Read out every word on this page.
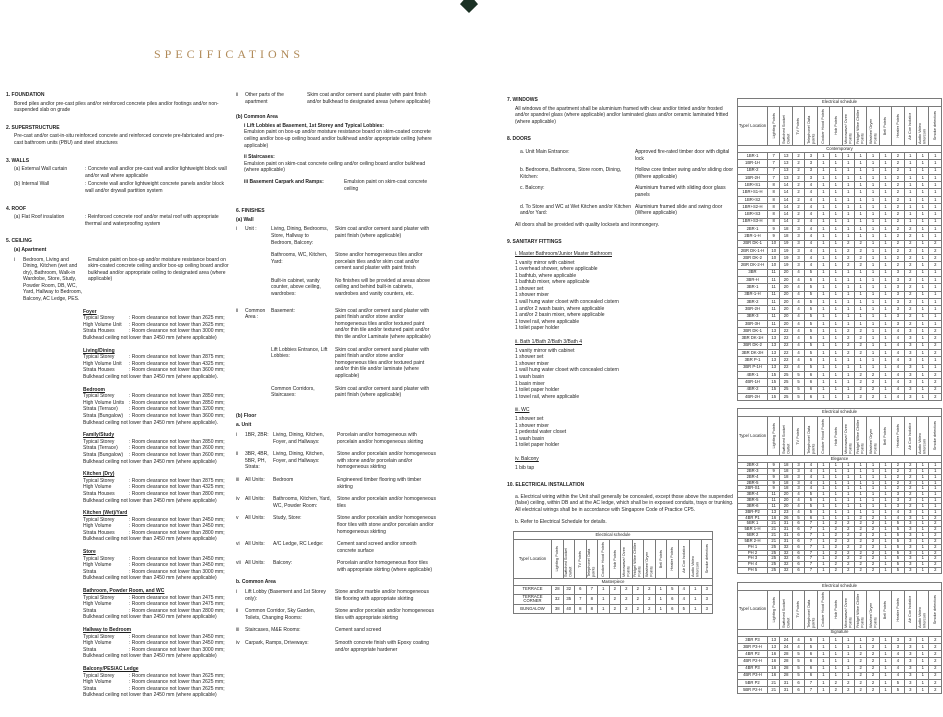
SPECIFICATIONS
1. FOUNDATION
Bored piles and/or pre-cast piles and/or reinforced concrete piles and/or footings and/or non-suspended slab on grade
2. SUPERSTRUCTURE
Pre-cast and/or cast-in-situ reinforced concrete and reinforced concrete pre-fabricated and pre-cast bathroom units (PBU) and steel structures
3. WALLS
(a) External Wall curtain	: Concrete wall and/or pre-cast wall and/or lightweight block wall and/or wall where applicable
(b) Internal Wall	: Concrete wall and/or lightweight concrete panels and/or block wall and/or drywall partition system
4. ROOF
(a) Flat Roof insulation	: Reinforced concrete roof and/or metal roof with appropriate thermal and waterproofing system
5. CEILING
(a) Apartment
i	Bedroom, Living and Dining, Kitchen (wet and dry), Bathroom, Walk-in Wardrobe, Store, Study, Powder Room, DB, WC, Yard, Hallway to Bedroom, Balcony, AC Ledge, PES.
Emulsion paint on box-up and/or moisture resistance board on skim-coated concrete ceiling and/or box-up ceiling board and/or bulkhead and/or appropriate ceiling to designated area (where applicable)
Foyer
Typical Storey	: Room clearance not lower than 2625 mm;
High Volume Unit	: Room clearance not lower than 2625 mm;
Strata Houses	: Room clearance not lower than 3000 mm;
Bulkhead ceiling not lower than 2450 mm (where applicable)
Living/Dining
Typical Storey	: Room clearance not lower than 2875 mm;
High Volume Unit	: Room clearance not lower than 4325 mm;
Strata Houses	: Room clearance not lower than 3600 mm;
Bulkhead ceiling not lower than 2450 mm (where applicable).
Bedroom
Typical Storey	: Room clearance not lower than 2850 mm;
High Volume Units : Room clearance not lower than 2850 mm;
Strata (Terrace)	: Room clearance not lower than 3200 mm;
Strata (Bungalow)	: Room clearance not lower than 3600 mm;
Bulkhead ceiling not lower than 2450 mm (where applicable).
Family/Study
Typical Storey	: Room clearance not lower than 2850 mm;
Strata (Terrace)	: Room clearance not lower than 2600 mm;
Strata (Bungalow)	: Room clearance not lower than 2600 mm;
Bulkhead ceiling not lower than 2450 mm (where applicable)
Kitchen (Dry)
Typical Storey	: Room clearance not lower than 2875 mm;
High Volume	: Room clearance not lower than 4325 mm;
Strata Houses	: Room clearance not lower than 2800 mm;
Bulkhead ceiling not lower than 2450 mm (where applicable)
Kitchen (Wet)/Yard
Typical Storey	: Room clearance not lower than 2450 mm;
High Volume	: Room clearance not lower than 2450 mm;
Strata Houses	: Room clearance not lower than 2800 mm;
Bulkhead ceiling not lower than 2450 mm (where applicable)
Store
Typical Storey	: Room clearance not lower than 2450 mm;
High Volume	: Room clearance not lower than 2450 mm;
Strata	: Room clearance not lower than 3000 mm;
Bulkhead ceiling not lower than 2450 mm (where applicable)
Bathroom, Powder Room, and WC
Typical Storey	: Room clearance not lower than 2475 mm;
High Volume	: Room clearance not lower than 2475 mm;
Strata	: Room clearance not lower than 2800 mm;
Bulkhead ceiling not lower than 2450 mm (where applicable)
Hallway to Bedroom
Typical Storey	: Room clearance not lower than 2450 mm;
High Volume	: Room clearance not lower than 2450 mm;
Strata	: Room clearance not lower than 3000 mm;
Bulkhead ceiling not lower than 2450 mm (where applicable)
Balcony/PES/AC Ledge
Typical Storey	: Room clearance not lower than 2625 mm;
High Volume	: Room clearance not lower than 2625 mm;
Strata	: Room clearance not lower than 2625 mm;
Bulkhead ceiling not lower than 2450 mm (where applicable)
ii	Other parts of the apartment
Skim coat and/or cement sand plaster with paint finish and/or bulkhead to designated areas (where applicable)
(b) Common Area
i Lift Lobbies at Basement, 1st Storey and Typical Lobbies:
Emulsion paint on box-up and/or moisture resistance board on skim-coated concrete ceiling and/or box-up ceiling board and/or bulkhead and/or appropriate ceiling (where applicable)
ii Staircases:
Emulsion paint on skim-coat concrete ceiling and/or ceiling board and/or bulkhead (where applicable)
iii Basement Carpark and Ramps:	Emulsion paint on skim-coat concrete ceiling
6. FINISHES
(a) Wall
i	Unit :	Living, Dining, Bedrooms, Store, Hallway to Bedroom, Balcony:
Skim coat and/or cement sand plaster with paint finish (where applicable)
Bathrooms, WC, Kitchen, Yard:
Stone and/or homogeneous tiles and/or porcelain tiles and/or skim coat and/or cement sand plaster with paint finish
Built-in cabinet, vanity counter, above ceiling, wardrobes:
No finishes will be provided at areas above ceiling and behind built-in cabinets, wardrobes and vanity counters, etc.
ii	Common Area :
Basement:	Skim coat and/or cement sand plaster with paint finish and/or stone and/or homogeneous tiles and/or textured paint and/or thin tile and/or textured paint and/or thin tile and/or Laminate (where applicable)
Lift Lobbies Entrance, Lift Lobbies:
Skim coat and/or cement sand plaster with paint finish and/or stone and/or homogeneous tiles and/or textured paint and/or thin tile and/or laminate (where applicable)
Common Corridors, Staircases:
Skim coat and/or cement sand plaster with paint finish (where applicable)
(b) Floor
a. Unit
i	1BR, 2BR: Living, Dining, Kitchen, Foyer, and Hallways:
Porcelain and/or homogeneous with porcelain and/or homogeneous skirting
ii	3BR, 4BR, 5BR, PH, Strata:
Living, Dining, Kitchen, Foyer, and Hallways:
Stone and/or porcelain and/or homogeneous with stone and/or porcelain and/or homogeneous skirting
iii	All Units:	Bedroom	Engineered timber flooring with timber skirting
iv	All Units:	Bathrooms, Kitchen, Yard, WC, Powder Room:
Stone and/or porcelain and/or homogeneous tiles
v	All Units:	Study, Store:	Stone and/or porcelain and/or homogeneous floor tiles with stone and/or porcelain and/or homogeneous skirting
vi	All Units:	A/C Ledge, RC Ledge:	Cement sand screed and/or smooth concrete surface
vii All Units:	Balcony:	Porcelain and/or homogeneous floor tiles with appropriate skirting (where applicable)
b. Common Area
i	Lift Lobby (Basement and 1st Storey only):
Stone and/or marble and/or homogeneous tile flooring with appropriate skirting
ii	Common Corridor, Sky Garden, Toilets, Changing Rooms:
Stone and/or porcelain and/or homogeneous tiles with appropriate skirting
iii	Staircases, M&E Rooms:	Cement sand screed
iv	Carpark, Ramps, Driveways:	Smooth concrete finish with Epoxy coating and/or appropriate hardener
7. WINDOWS
All windows of the apartment shall be aluminium framed with clear and/or tinted and/or frosted and/or spandrel glass (where applicable) and/or laminated glass and/or ceramic laminated fritted (where applicable)
8. DOORS
a. Unit Main Entrance:	Approved fire-rated timber door with digital lock
b. Bedrooms, Bathrooms, Store room, Dining, Kitchen:
Hollow core timber swing and/or sliding door (Where applicable)
c. Balcony:	Aluminium framed with sliding door glass panels
d. To Store and WC at Wet Kitchen and/or Kitchen and/or Yard:
Aluminium framed slide and swing door (Where applicable)
All doors shall be provided with quality locksets and ironmongery.
9. SANITARY FITTINGS
i. Master Bathroom/Junior Master Bathroom
1 vanity mirror with cabinet
1 overhead shower, where applicable
1 bathtub, where applicable
1 bathtub mixer, where applicable
1 shower set
1 shower mixer
1 wall hung water closet with concealed cistern
1 and/or 2 wash basin, where applicable
1 and/or 2 basin mixer, where applicable
1 towel rail, where applicable
1 toilet paper holder
ii. Bath 1/Bath 2/Bath 3/Bath 4
1 vanity mirror with cabinet
1 shower set
1 shower mixer
1 wall hung water closet with concealed cistern
1 wash basin
1 basin mixer
1 toilet paper holder
1 towel rail, where applicable
iii. WC
1 shower set
1 shower mixer
1 pedestal water closet
1 wash basin
1 toilet paper holder
iv. Balcony
1 bib tap
10. ELECTRICAL INSTALLATION
a. Electrical wiring within the Unit shall generally be concealed, except those above the suspended (false) ceiling, within DB and at the AC ledge, which shall be in exposed conduits, trays or trunking. All electrical wirings shall be in accordance with Singapore Code of Practice CP5.
b. Refer to Electrical Schedule for details.
Electrical schedule														
Type/ Location	Lighting Points	Switched Socket Outlet	TV Points	Telephone/ Data points	Cooker Hood Points	Hob Points	Microwave/ Oven Points	Fridge/ Wine Chiller Points	Washer/ Dryer Points	Bell Points	Heater Points	Air Con Isolator	Audio Video Intercom	Smoke detectors

Masterpiece														
TERRACE	28	32	6	7	1	2	2	2	2	1	5	4	1	3
TERRACE CORNER	32	35	7	8	1	2	2	2	2	1	6	4	1	3
BUNGALOW	38	40	8	8	1	2	2	2	2	1	6	5	1	3
Electrical schedule														
Type/ Location	Lighting Points	Switched Socket Outlet	TV Points	Telephone/ Data points	Cooker Hood Points	Hob Points	Microwave/ Oven Points	Fridge/ Wine Chiller Points	Washer/ Dryer Points	Bell Points	Heater Points	Air Con Isolator	Audio Video Intercom	Smoke detectors

Contemporary														
1BR-1	7	13	2	3	1	1	1	1	1	1	2	1	1	1
1BR-1H	7	13	2	3	1	1	1	1	1	1	2	1	1	1
1BR-2	7	13	2	3	1	1	1	1	1	1	2	1	1	1
1BR-2H	7	13	2	3	1	1	1	1	1	1	2	1	1	1
1BR+S1	8	14	2	4	1	1	1	1	1	1	2	1	1	1
1BR+S1-H	8	14	2	4	1	1	1	1	1	1	2	1	1	1
1BR+S2	8	14	2	4	1	1	1	1	1	1	2	1	1	1
1BR+S2-H	8	14	2	4	1	1	1	1	1	1	2	1	1	1
1BR+S3	8	14	2	4	1	1	1	1	1	1	2	1	1	1
1BR+S3-H	8	14	2	4	1	1	1	1	1	1	2	1	1	1
2BR-1	9	18	3	4	1	1	1	1	1	1	2	2	1	1
2BR-1-H	9	18	3	4	1	1	1	1	1	1	2	2	1	1
2BR DK-1	10	19	3	4	1	1	2	2	1	1	2	2	1	2
2BR DK-1-H	10	19	3	4	1	1	2	2	1	1	2	2	1	2
2BR DK-2	10	19	3	4	1	1	2	2	1	1	2	2	1	2
2BR DK-2-H	10	19	3	4	1	1	2	2	1	1	2	2	1	2
3BR	11	20	4	5	1	1	1	1	1	1	3	2	1	1
3BR-H	11	20	4	5	1	1	1	1	1	1	3	2	1	1
3BR-1	11	20	4	5	1	1	1	1	1	1	3	2	1	1
3BR-1-H	11	20	4	5	1	1	1	1	1	1	3	2	1	1
3BR-2	11	20	4	5	1	1	1	1	1	1	3	2	1	1
3BR-2H	11	20	4	5	1	1	1	1	1	1	3	2	1	1
3BR-3	11	20	4	5	1	1	1	1	1	1	3	2	1	1
3BR-3H	11	20	4	5	1	1	1	1	1	1	3	2	1	1
3BR DK-1	13	22	4	5	1	1	2	2	1	1	4	3	1	2
3BR DK-1H	13	22	4	5	1	1	2	2	1	1	4	3	1	2
3BR DK-2	13	22	4	5	1	1	2	2	1	1	4	3	1	2
3BR DK-2H	13	22	4	5	1	1	2	2	1	1	4	3	1	2
3BR P-1	13	22	4	5	1	1	1	1	1	1	4	3	1	1
3BR P-1H	13	22	4	5	1	1	1	1	1	1	4	3	1	1
4BR-1	15	25	5	6	1	1	1	2	2	1	4	3	1	2
4BR-1H	15	25	5	6	1	1	1	2	2	1	4	3	1	2
4BR-2	15	25	5	6	1	1	1	2	2	1	4	3	1	2
4BR-2H	15	25	5	6	1	1	1	2	2	1	4	3	1	2
Electrical schedule														
Type/ Location	Lighting Points	Switched Socket Outlet	TV Points	Telephone/ Data points	Cooker Hood Points	Hob Points	Microwave/ Oven Points	Fridge/ Wine Chiller Points	Washer/ Dryer Points	Bell Points	Heater Points	Air Con Isolator	Audio Video Intercom	Smoke detectors

Elegance														
2BR-2	9	18	3	4	1	1	1	1	1	1	2	2	1	1
2BR-3	9	18	3	4	1	1	1	1	1	1	2	2	1	1
2BR-4	9	18	3	4	1	1	1	1	1	1	2	2	1	1
2BR-5	9	18	3	4	1	1	1	1	1	1	2	2	1	1
2BR-S1	9	18	3	4	1	1	1	1	1	1	2	2	1	1
3BR-4	11	20	4	5	1	1	1	1	1	1	3	2	1	1
3BR-5	11	20	4	5	1	1	1	1	1	1	3	2	1	1
3BR-6	11	20	4	5	1	1	1	1	1	1	3	2	1	1
3BR-P2	13	23	4	5	1	1	1	1	1	1	4	3	1	1
4BR P1	16	26	5	6	1	1	1	2	2	1	4	3	1	2
5BR 1	21	31	6	7	1	2	2	2	2	1	5	3	1	2
5BR 1-H	21	31	6	7	1	2	2	2	2	1	5	3	1	2
5BR 2	21	31	6	7	1	2	2	2	2	1	5	3	1	2
5BR 2-H	21	31	6	7	1	2	2	2	2	1	5	3	1	2
PH 1	25	32	6	7	1	2	2	2	2	1	5	3	1	2
PH 2	25	32	6	7	1	2	2	2	2	1	5	3	1	2
PH 3	25	32	6	7	1	2	2	2	2	1	5	3	1	2
PH 4	25	32	6	7	1	2	2	2	2	1	5	3	1	2
PH 5	25	32	6	7	1	2	2	2	2	1	5	3	1	2
Electrical schedule														
Type/ Location	Lighting Points	Switched Socket Outlet	TV Points	Telephone/ Data points	Cooker Hood Points	Hob Points	Microwave/ Oven Points	Fridge/ Wine Chiller Points	Washer/ Dryer Points	Bell Points	Heater Points	Air Con Isolator	Audio Video Intercom	Smoke detectors

Signature														
3BR P3	13	24	4	5	1	1	1	1	2	1	3	3	1	2
3BR P3-H	13	24	4	5	1	1	1	1	2	1	3	3	1	2
4BR P2	16	28	5	6	1	1	1	2	2	1	4	3	1	2
4BR P2-H	16	28	5	6	1	1	1	2	2	1	4	3	1	2
4BR P3	16	28	5	6	1	1	1	2	2	1	4	3	1	2
4BR P3-H	16	28	5	6	1	1	1	2	2	1	4	3	1	2
5BR P2	21	31	6	7	1	2	2	2	2	1	5	3	1	2
5BR P2-H	21	31	6	7	1	2	2	2	2	1	5	3	1	2
